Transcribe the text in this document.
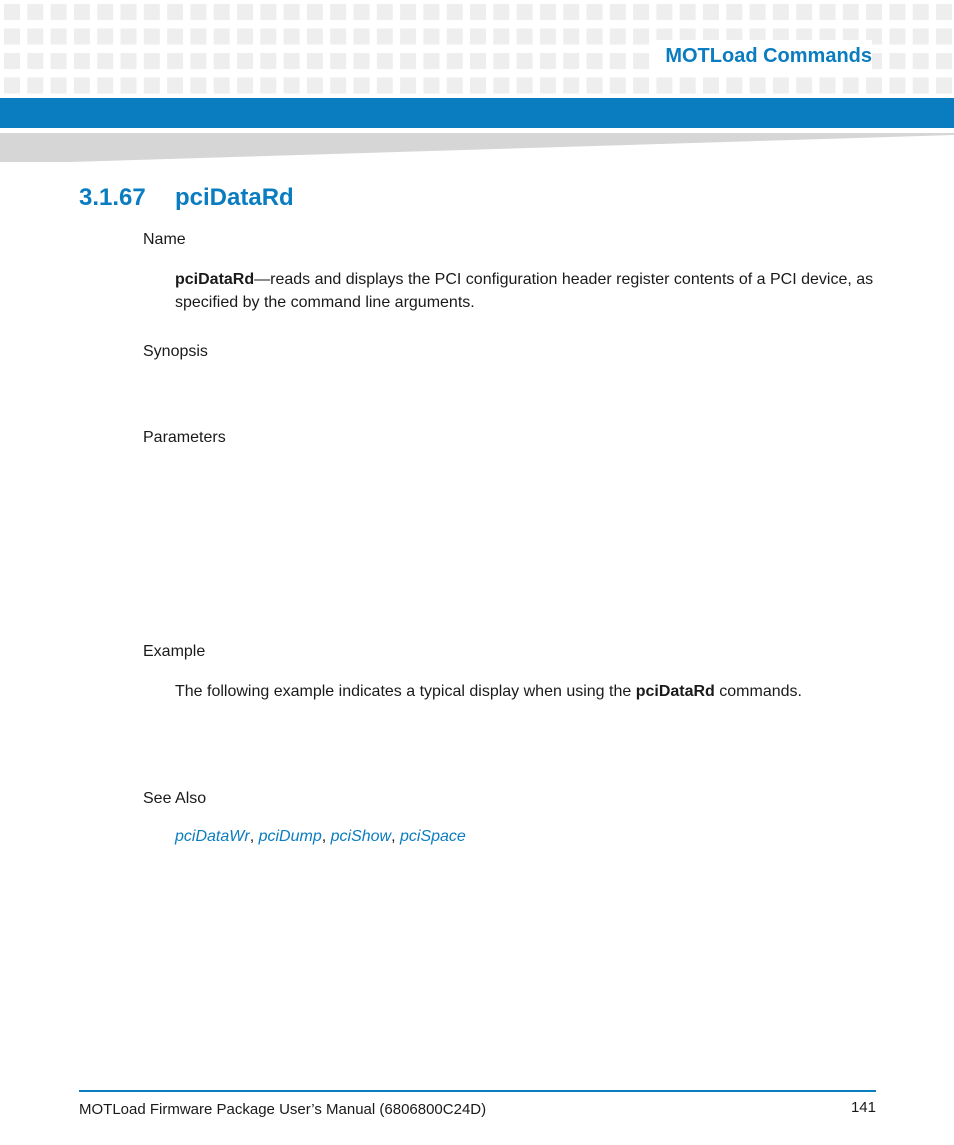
MOTLoad Commands
3.1.67 pciDataRd
Name
pciDataRd—reads and displays the PCI configuration header register contents of a PCI device, as specified by the command line arguments.
Synopsis
Parameters
Example
The following example indicates a typical display when using the pciDataRd commands.
See Also
pciDataWr, pciDump, pciShow, pciSpace
MOTLoad Firmware Package User’s Manual (6806800C24D)	141
